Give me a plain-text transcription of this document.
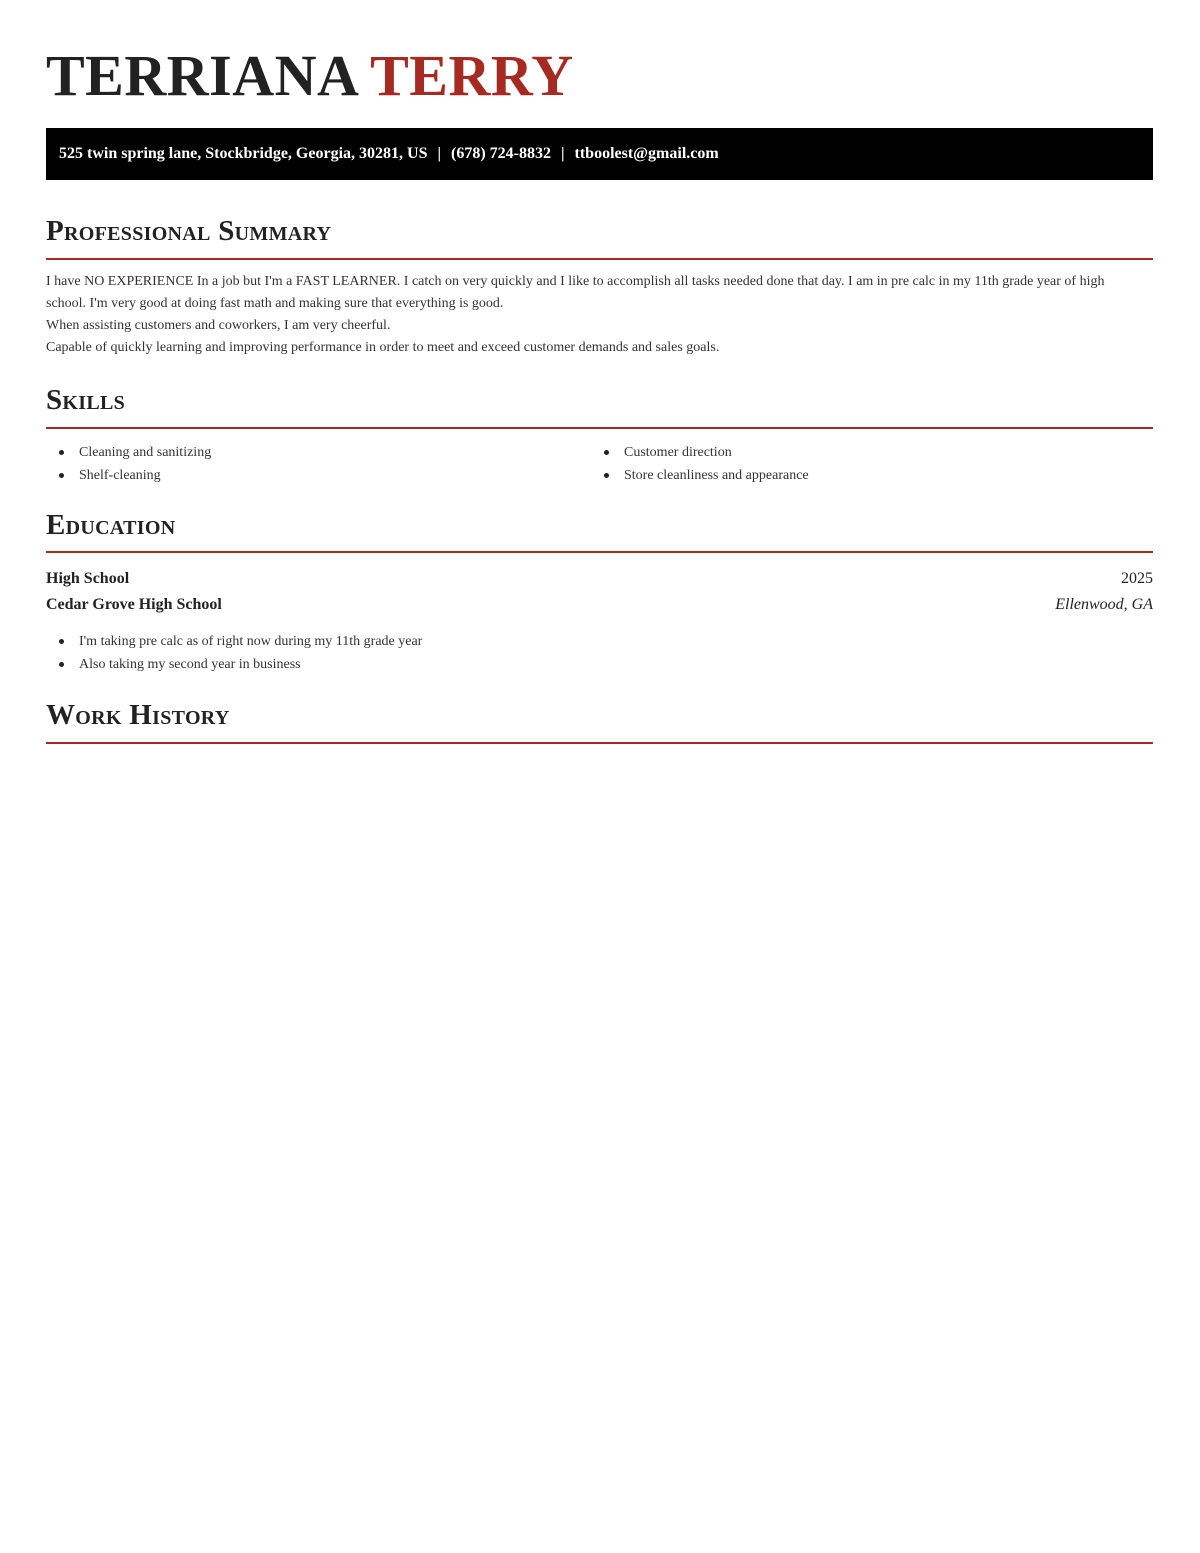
TERRIANA TERRY
525 twin spring lane, Stockbridge, Georgia, 30281, US | (678) 724-8832 | ttboolest@gmail.com
Professional Summary

I have NO EXPERIENCE In a job but I'm a FAST LEARNER. I catch on very quickly and I like to accomplish all tasks needed done that day. I am in pre calc in my 11th grade year of high school. I'm very good at doing fast math and making sure that everything is good.

When assisting customers and coworkers, I am very cheerful.

Capable of quickly learning and improving performance in order to meet and exceed customer demands and sales goals.

Skills
Cleaning and sanitizing
Shelf-cleaning
Customer direction
Store cleanliness and appearance
Education
High School	2025
Cedar Grove High School	Ellenwood, GA
I'm taking pre calc as of right now during my 11th grade year
Also taking my second year in business
Work History
